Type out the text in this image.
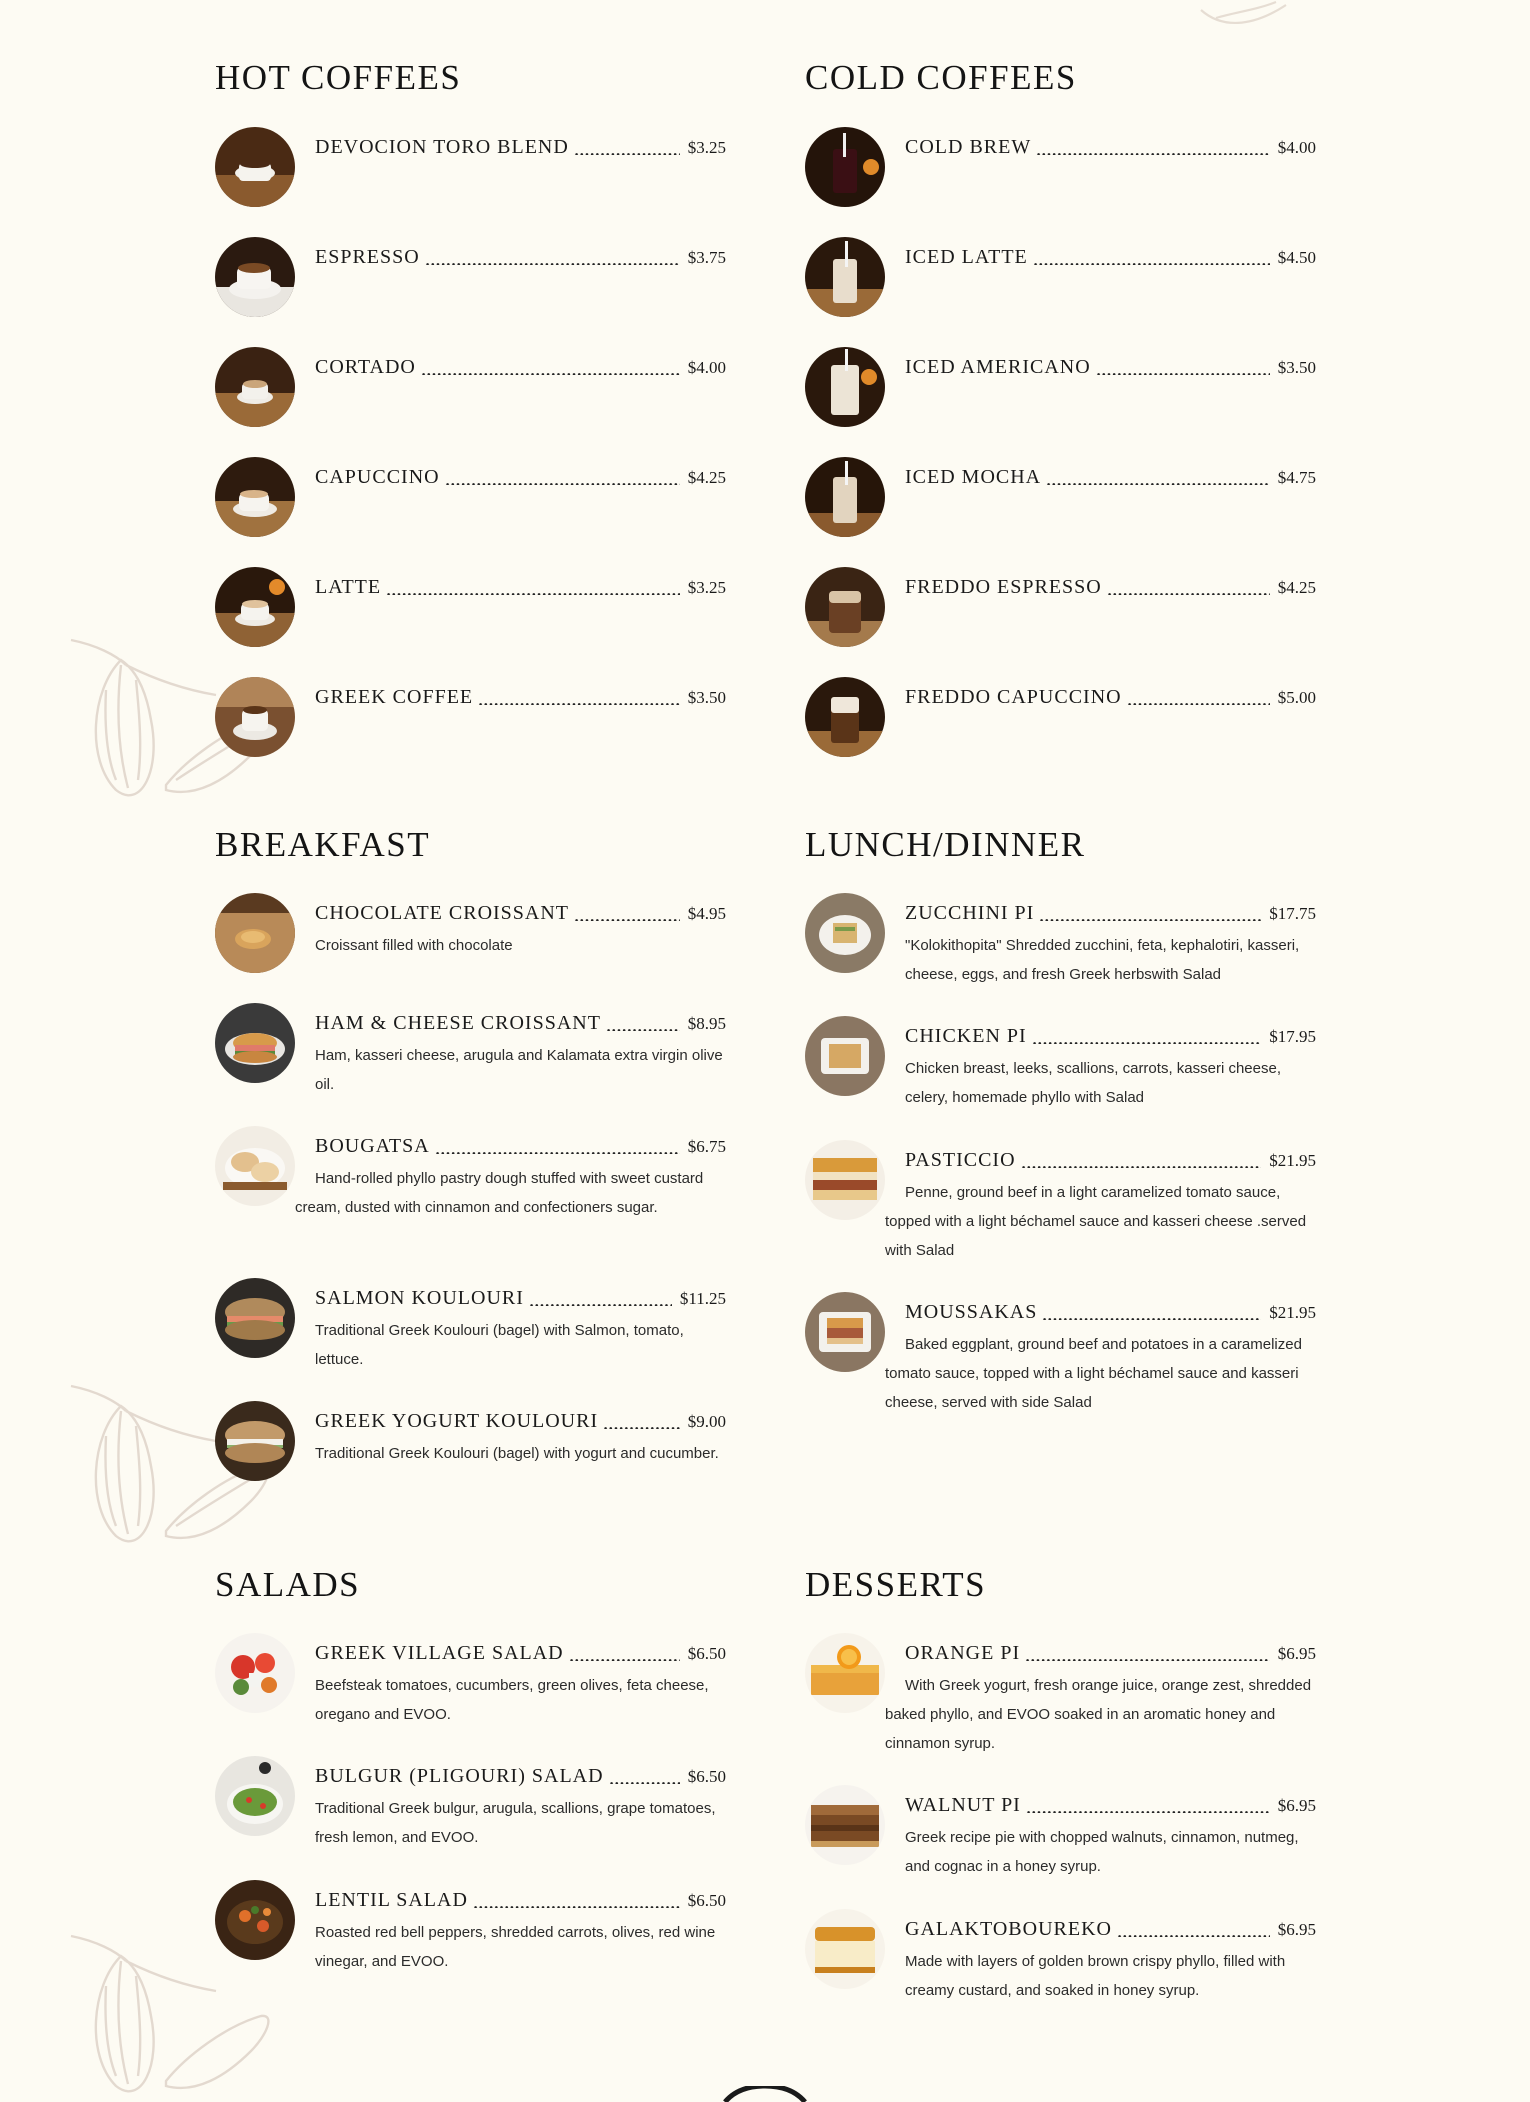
HOT COFFEES
DEVOCION TORO BLEND	$3.25
ESPRESSO	$3.75
CORTADO	$4.00
CAPUCCINO	$4.25
LATTE	$3.25
GREEK COFFEE	$3.50
COLD COFFEES
COLD BREW	$4.00
ICED LATTE	$4.50
ICED AMERICANO	$3.50
ICED MOCHA	$4.75
FREDDO ESPRESSO	$4.25
FREDDO CAPUCCINO	$5.00
BREAKFAST
CHOCOLATE CROISSANT	$4.95
Croissant filled with chocolate
HAM & CHEESE CROISSANT	$8.95
Ham, kasseri cheese, arugula and Kalamata extra virgin olive oil.
BOUGATSA	$6.75
Hand-rolled phyllo pastry dough stuffed with sweet custard cream, dusted with cinnamon and confectioners sugar.
SALMON KOULOURI	$11.25
Traditional Greek Koulouri (bagel) with Salmon, tomato, lettuce.
GREEK YOGURT KOULOURI	$9.00
Traditional Greek Koulouri (bagel) with yogurt and cucumber.
LUNCH/DINNER
ZUCCHINI PI	$17.75
"Kolokithopita" Shredded zucchini, feta, kephalotiri, kasseri, cheese, eggs, and fresh Greek herbswith Salad
CHICKEN PI	$17.95
Chicken breast, leeks, scallions, carrots, kasseri cheese, celery, homemade phyllo with Salad
PASTICCIO	$21.95
Penne, ground beef in a light caramelized tomato sauce, topped with a light béchamel sauce and kasseri cheese .served with Salad
MOUSSAKAS	$21.95
Baked eggplant, ground beef and potatoes in a caramelized tomato sauce, topped with a light béchamel sauce and kasseri cheese, served with side Salad
SALADS
GREEK VILLAGE SALAD	$6.50
Beefsteak tomatoes, cucumbers, green olives, feta cheese, oregano and EVOO.
BULGUR (PLIGOURI) SALAD	$6.50
Traditional Greek bulgur, arugula, scallions, grape tomatoes, fresh lemon, and EVOO.
LENTIL SALAD	$6.50
Roasted red bell peppers, shredded carrots, olives, red wine vinegar, and EVOO.
DESSERTS
ORANGE PI	$6.95
With Greek yogurt, fresh orange juice, orange zest, shredded baked phyllo, and EVOO soaked in an aromatic honey and cinnamon syrup.
WALNUT PI	$6.95
Greek recipe pie with chopped walnuts, cinnamon, nutmeg, and cognac in a honey syrup.
GALAKTOBOUREKO	$6.95
Made with layers of golden brown crispy phyllo, filled with creamy custard, and soaked in honey syrup.
